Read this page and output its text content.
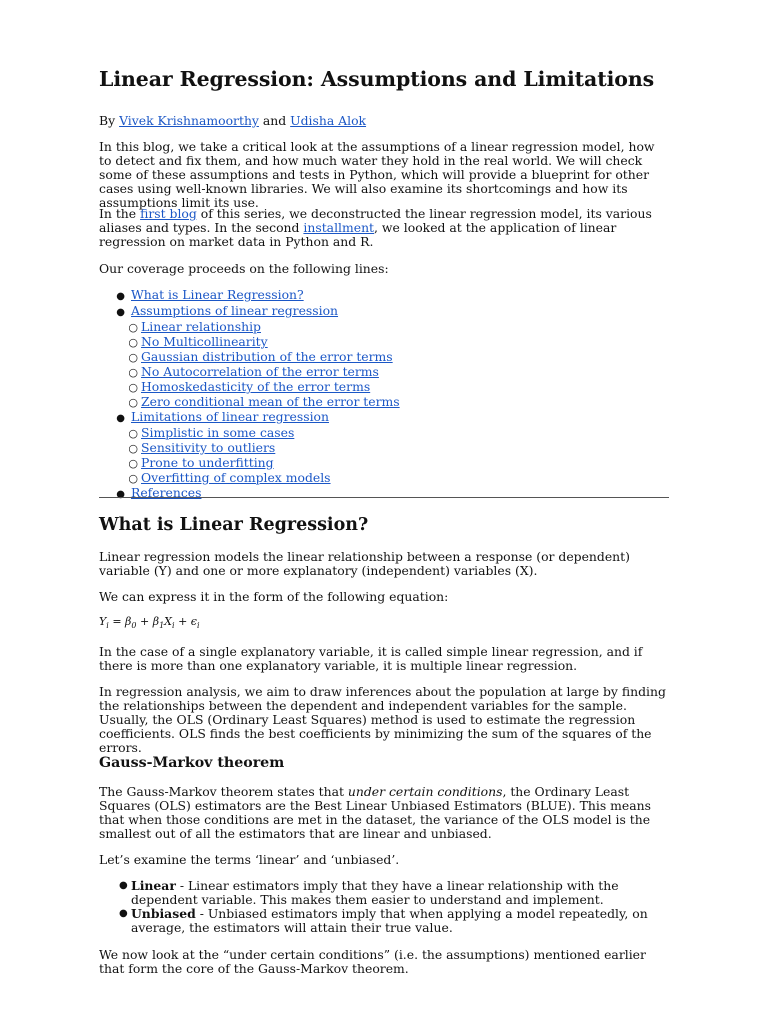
Linear Regression: Assumptions and Limitations

By Vivek Krishnamoorthy and Udisha Alok

In this blog, we take a critical look at the assumptions of a linear regression model, how to detect and fix them, and how much water they hold in the real world. We will check some of these assumptions and tests in Python, which will provide a blueprint for other cases using well-known libraries. We will also examine its shortcomings and how its assumptions limit its use.

In the first blog of this series, we deconstructed the linear regression model, its various aliases and types. In the second installment, we looked at the application of linear regression on market data in Python and R.

Our coverage proceeds on the following lines:

● What is Linear Regression?
● Assumptions of linear regression
○ Linear relationship
○ No Multicollinearity
○ Gaussian distribution of the error terms
○ No Autocorrelation of the error terms
○ Homoskedasticity of the error terms
○ Zero conditional mean of the error terms
● Limitations of linear regression
○ Simplistic in some cases
○ Sensitivity to outliers
○ Prone to underfitting
○ Overfitting of complex models
● References
What is Linear Regression?

Linear regression models the linear relationship between a response (or dependent) variable (Y) and one or more explanatory (independent) variables (X).

We can express it in the form of the following equation:

$Y_i = \beta_0 + \beta_1X_i + \epsilon_i$

In the case of a single explanatory variable, it is called simple linear regression, and if there is more than one explanatory variable, it is multiple linear regression.

In regression analysis, we aim to draw inferences about the population at large by finding the relationships between the dependent and independent variables for the sample. Usually, the OLS (Ordinary Least Squares) method is used to estimate the regression coefficients. OLS finds the best coefficients by minimizing the sum of the squares of the errors.

Gauss-Markov theorem

The Gauss-Markov theorem states that under certain conditions, the Ordinary Least Squares (OLS) estimators are the Best Linear Unbiased Estimators (BLUE). This means that when those conditions are met in the dataset, the variance of the OLS model is the smallest out of all the estimators that are linear and unbiased.

Let’s examine the terms ‘linear’ and ‘unbiased’.

● Linear - Linear estimators imply that they have a linear relationship with the dependent variable. This makes them easier to understand and implement.
● Unbiased - Unbiased estimators imply that when applying a model repeatedly, on average, the estimators will attain their true value.

We now look at the “under certain conditions” (i.e. the assumptions) mentioned earlier that form the core of the Gauss-Markov theorem.
